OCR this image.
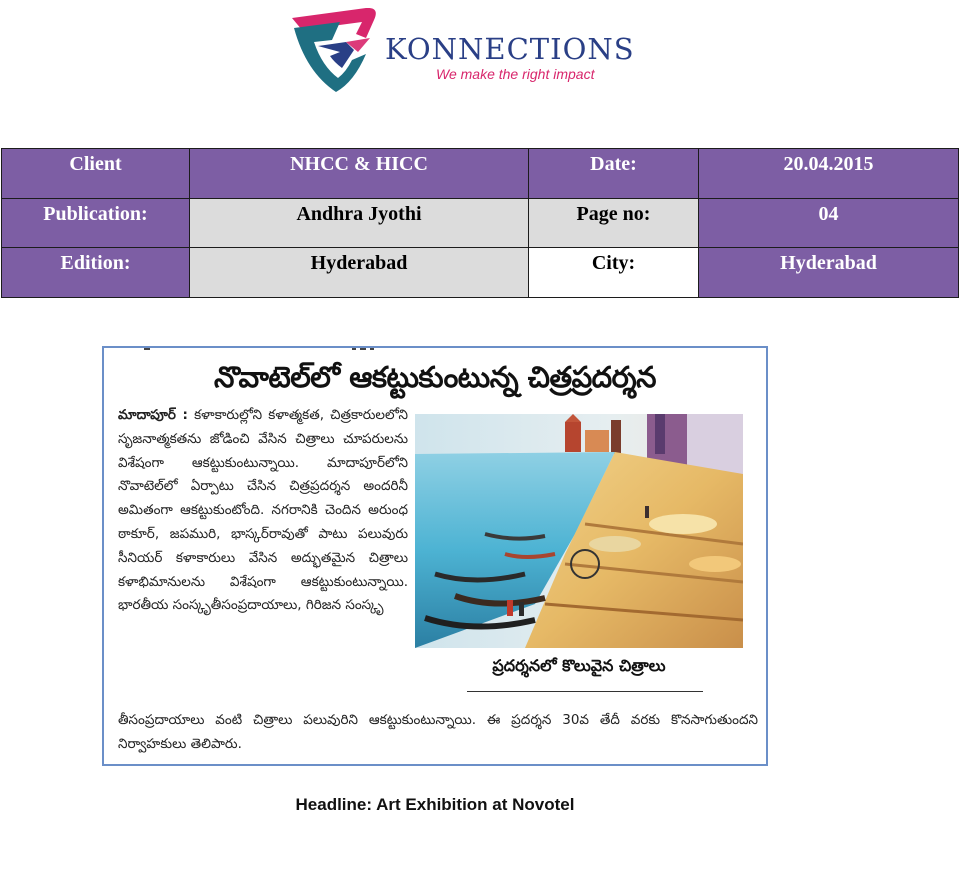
KONNECTIONS
We make the right impact
Client	NHCC & HICC	Date:	20.04.2015
Publication:	Andhra Jyothi	Page no:	04
Edition:	Hyderabad	City:	Hyderabad
నొవాటెల్‌లో ఆకట్టుకుంటున్న చిత్రప్రదర్శన
మాదాపూర్ : కళాకారుల్లోని కళాత్మకత, చిత్రకారులలోని సృజనాత్మకతను జోడించి వేసిన చిత్రాలు చూపరులను విశేషంగా ఆకట్టుకుంటున్నాయి. మాదాపూర్‌లోని నొవాటెల్‌లో ఏర్పాటు చేసిన చిత్రప్రదర్శన అందరినీ అమితంగా ఆకట్టుకుంటోంది. నగరానికి చెందిన అరుంధ ఠాకూర్, జపమురి, భాస్కర్‌రావుతో పాటు పలువురు సీనియర్ కళాకారులు వేసిన అద్భుతమైన చిత్రాలు కళాభిమానులను విశేషంగా ఆకట్టుకుంటున్నాయి. భారతీయ సంస్కృతీసంప్రదాయాలు, గిరిజన సంస్కృ
ప్రదర్శనలో కొలువైన చిత్రాలు
తీసంప్రదాయాలు వంటి చిత్రాలు పలువురిని ఆకట్టుకుంటున్నాయి. ఈ ప్రదర్శన 30వ తేదీ వరకు కొనసాగుతుందని నిర్వాహకులు తెలిపారు.
Headline: Art Exhibition at Novotel
